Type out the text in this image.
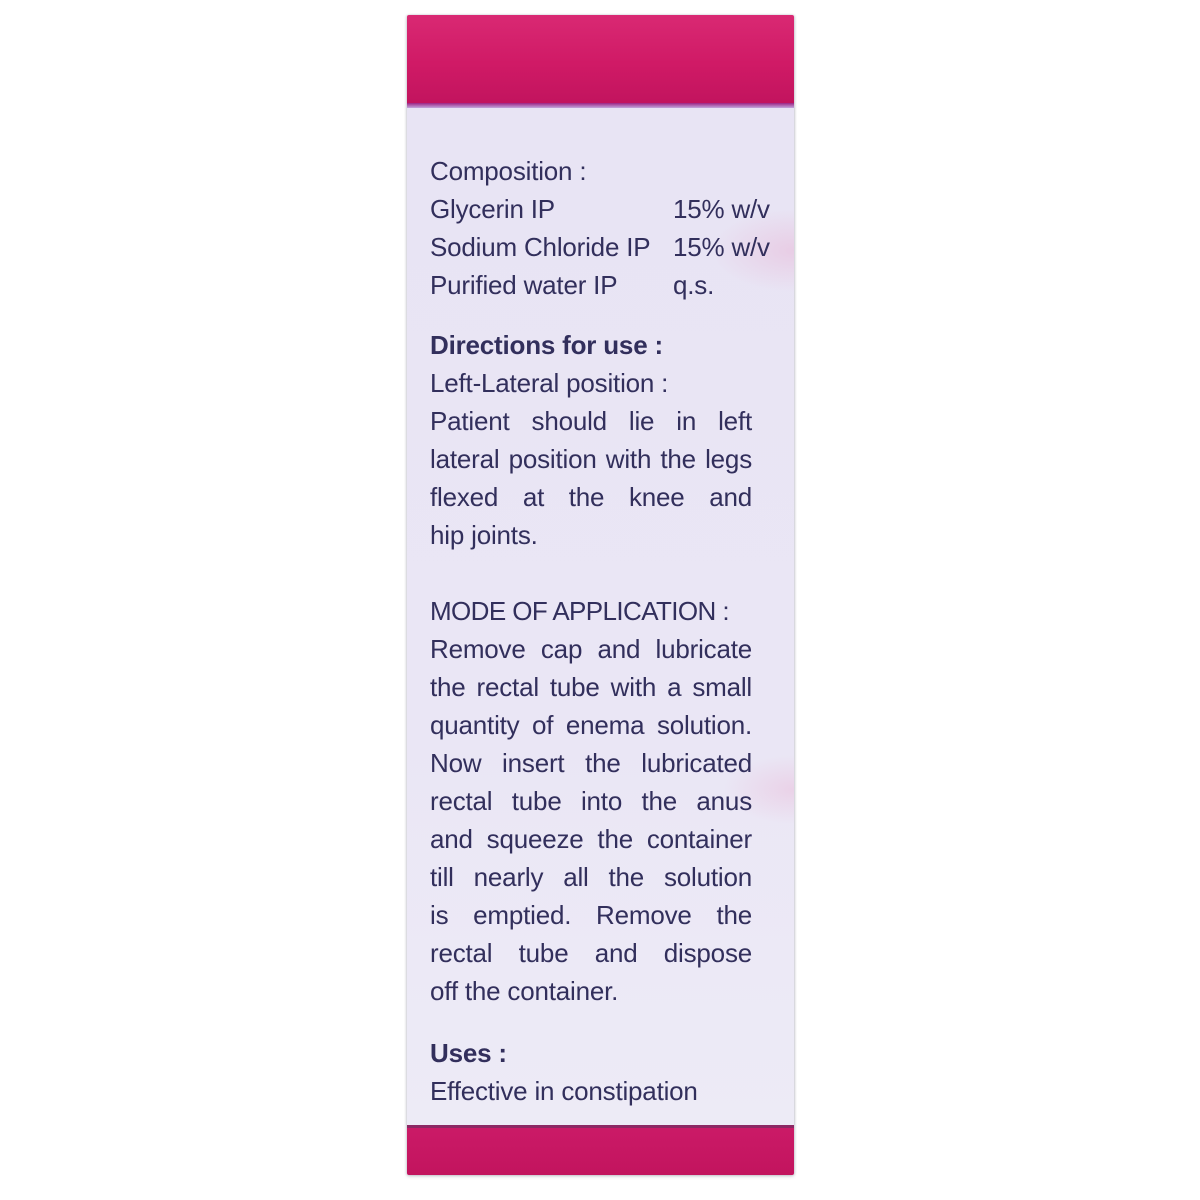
Composition :
Glycerin IP	15% w/v
Sodium Chloride IP 15% w/v
Purified water IP	q.s.
Directions for use :
Left-Lateral position :
Patient should lie in left
lateral position with the legs
flexed at the knee and
hip joints.
MODE OF APPLICATION :
Remove cap and lubricate
the rectal tube with a small
quantity of enema solution.
Now insert the lubricated
rectal tube into the anus
and squeeze the container
till nearly all the solution
is emptied. Remove the
rectal tube and dispose
off the container.
Uses :
Effective in constipation
